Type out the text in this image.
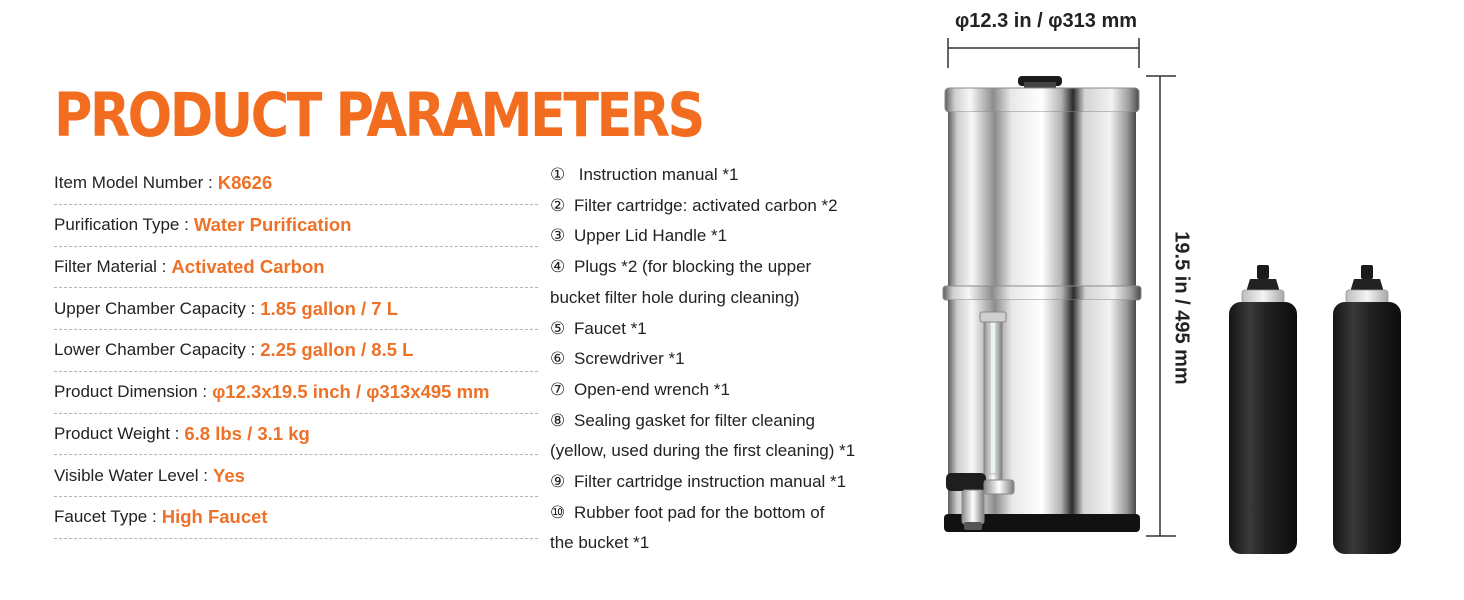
PRODUCT PARAMETERS
Item Model Number : K8626
Purification Type : Water Purification
Filter Material : Activated Carbon
Upper Chamber Capacity : 1.85 gallon / 7 L
Lower Chamber Capacity : 2.25 gallon / 8.5 L
Product Dimension : φ12.3x19.5 inch / φ313x495 mm
Product Weight : 6.8 lbs / 3.1 kg
Visible Water Level : Yes
Faucet Type : High Faucet
① Instruction manual *1
② Filter cartridge: activated carbon *2
③ Upper Lid Handle *1
④ Plugs *2 (for blocking the upper
bucket filter hole during cleaning)
⑤ Faucet *1
⑥ Screwdriver *1
⑦ Open-end wrench *1
⑧ Sealing gasket for filter cleaning
(yellow, used during the first cleaning) *1
⑨ Filter cartridge instruction manual *1
⑩ Rubber foot pad for the bottom of
the bucket *1
φ12.3 in / φ313 mm
19.5 in / 495 mm
